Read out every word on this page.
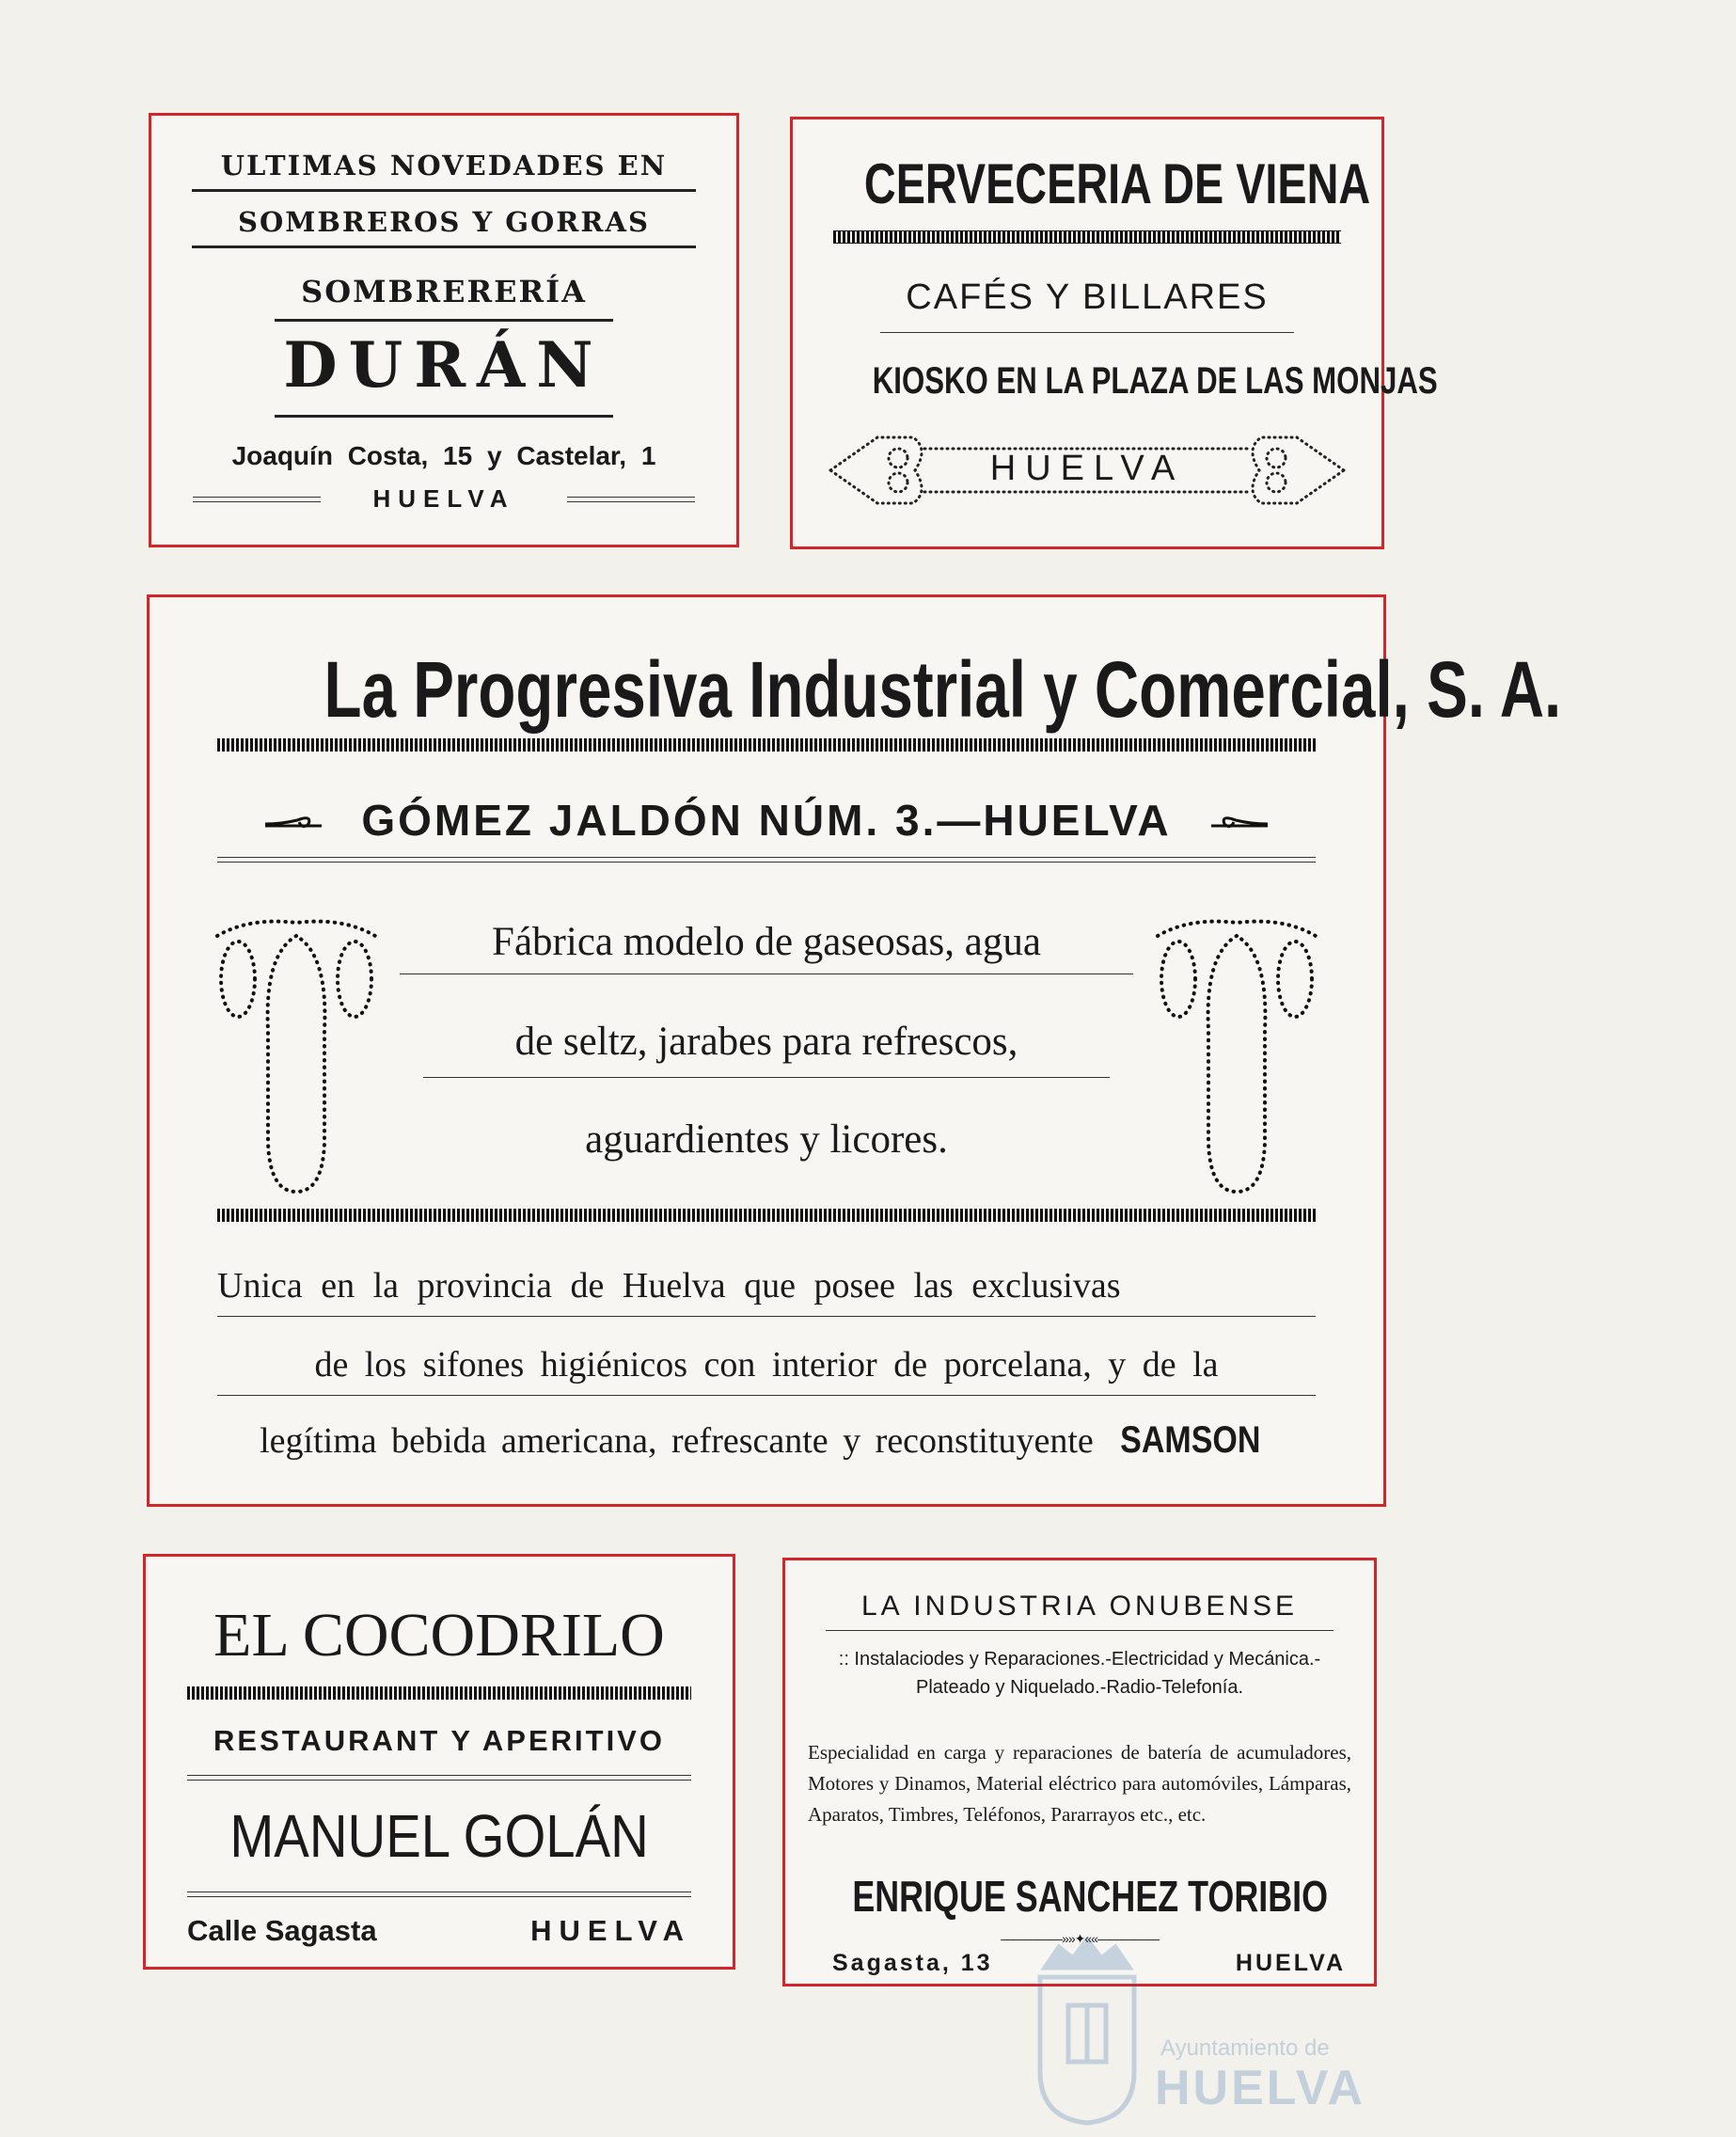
ULTIMAS NOVEDADES EN
SOMBREROS Y GORRAS
SOMBRERERÍA
DURÁN
Joaquín Costa, 15 y Castelar, 1
HUELVA
CERVECERIA DE VIENA
CAFÉS Y BILLARES
KIOSKO EN LA PLAZA DE LAS MONJAS
HUELVA
La Progresiva Industrial y Comercial, S. A.
GÓMEZ JALDÓN NÚM. 3.—HUELVA
Fábrica modelo de gaseosas, agua
de seltz, jarabes para refrescos,
aguardientes y licores.
Unica en la provincia de Huelva que posee las exclusivas
de los sifones higiénicos con interior de porcelana, y de la
legítima bebida americana, refrescante y reconstituyente SAMSON
EL COCODRILO
RESTAURANT Y APERITIVO
MANUEL GOLÁN
Calle Sagasta	HUELVA
LA INDUSTRIA ONUBENSE
:: Instalaciodes y Reparaciones.-Electricidad y Mecánica.-Plateado y Niquelado.-Radio-Telefonía.
Especialidad en carga y reparaciones de batería de acumuladores, Motores y Dinamos, Material eléctrico para automóviles, Lámparas, Aparatos, Timbres, Teléfonos, Pararrayos etc., etc.
ENRIQUE SANCHEZ TORIBIO
—————»»✦««—————
Sagasta, 13	HUELVA
Ayuntamiento de
HUELVA
